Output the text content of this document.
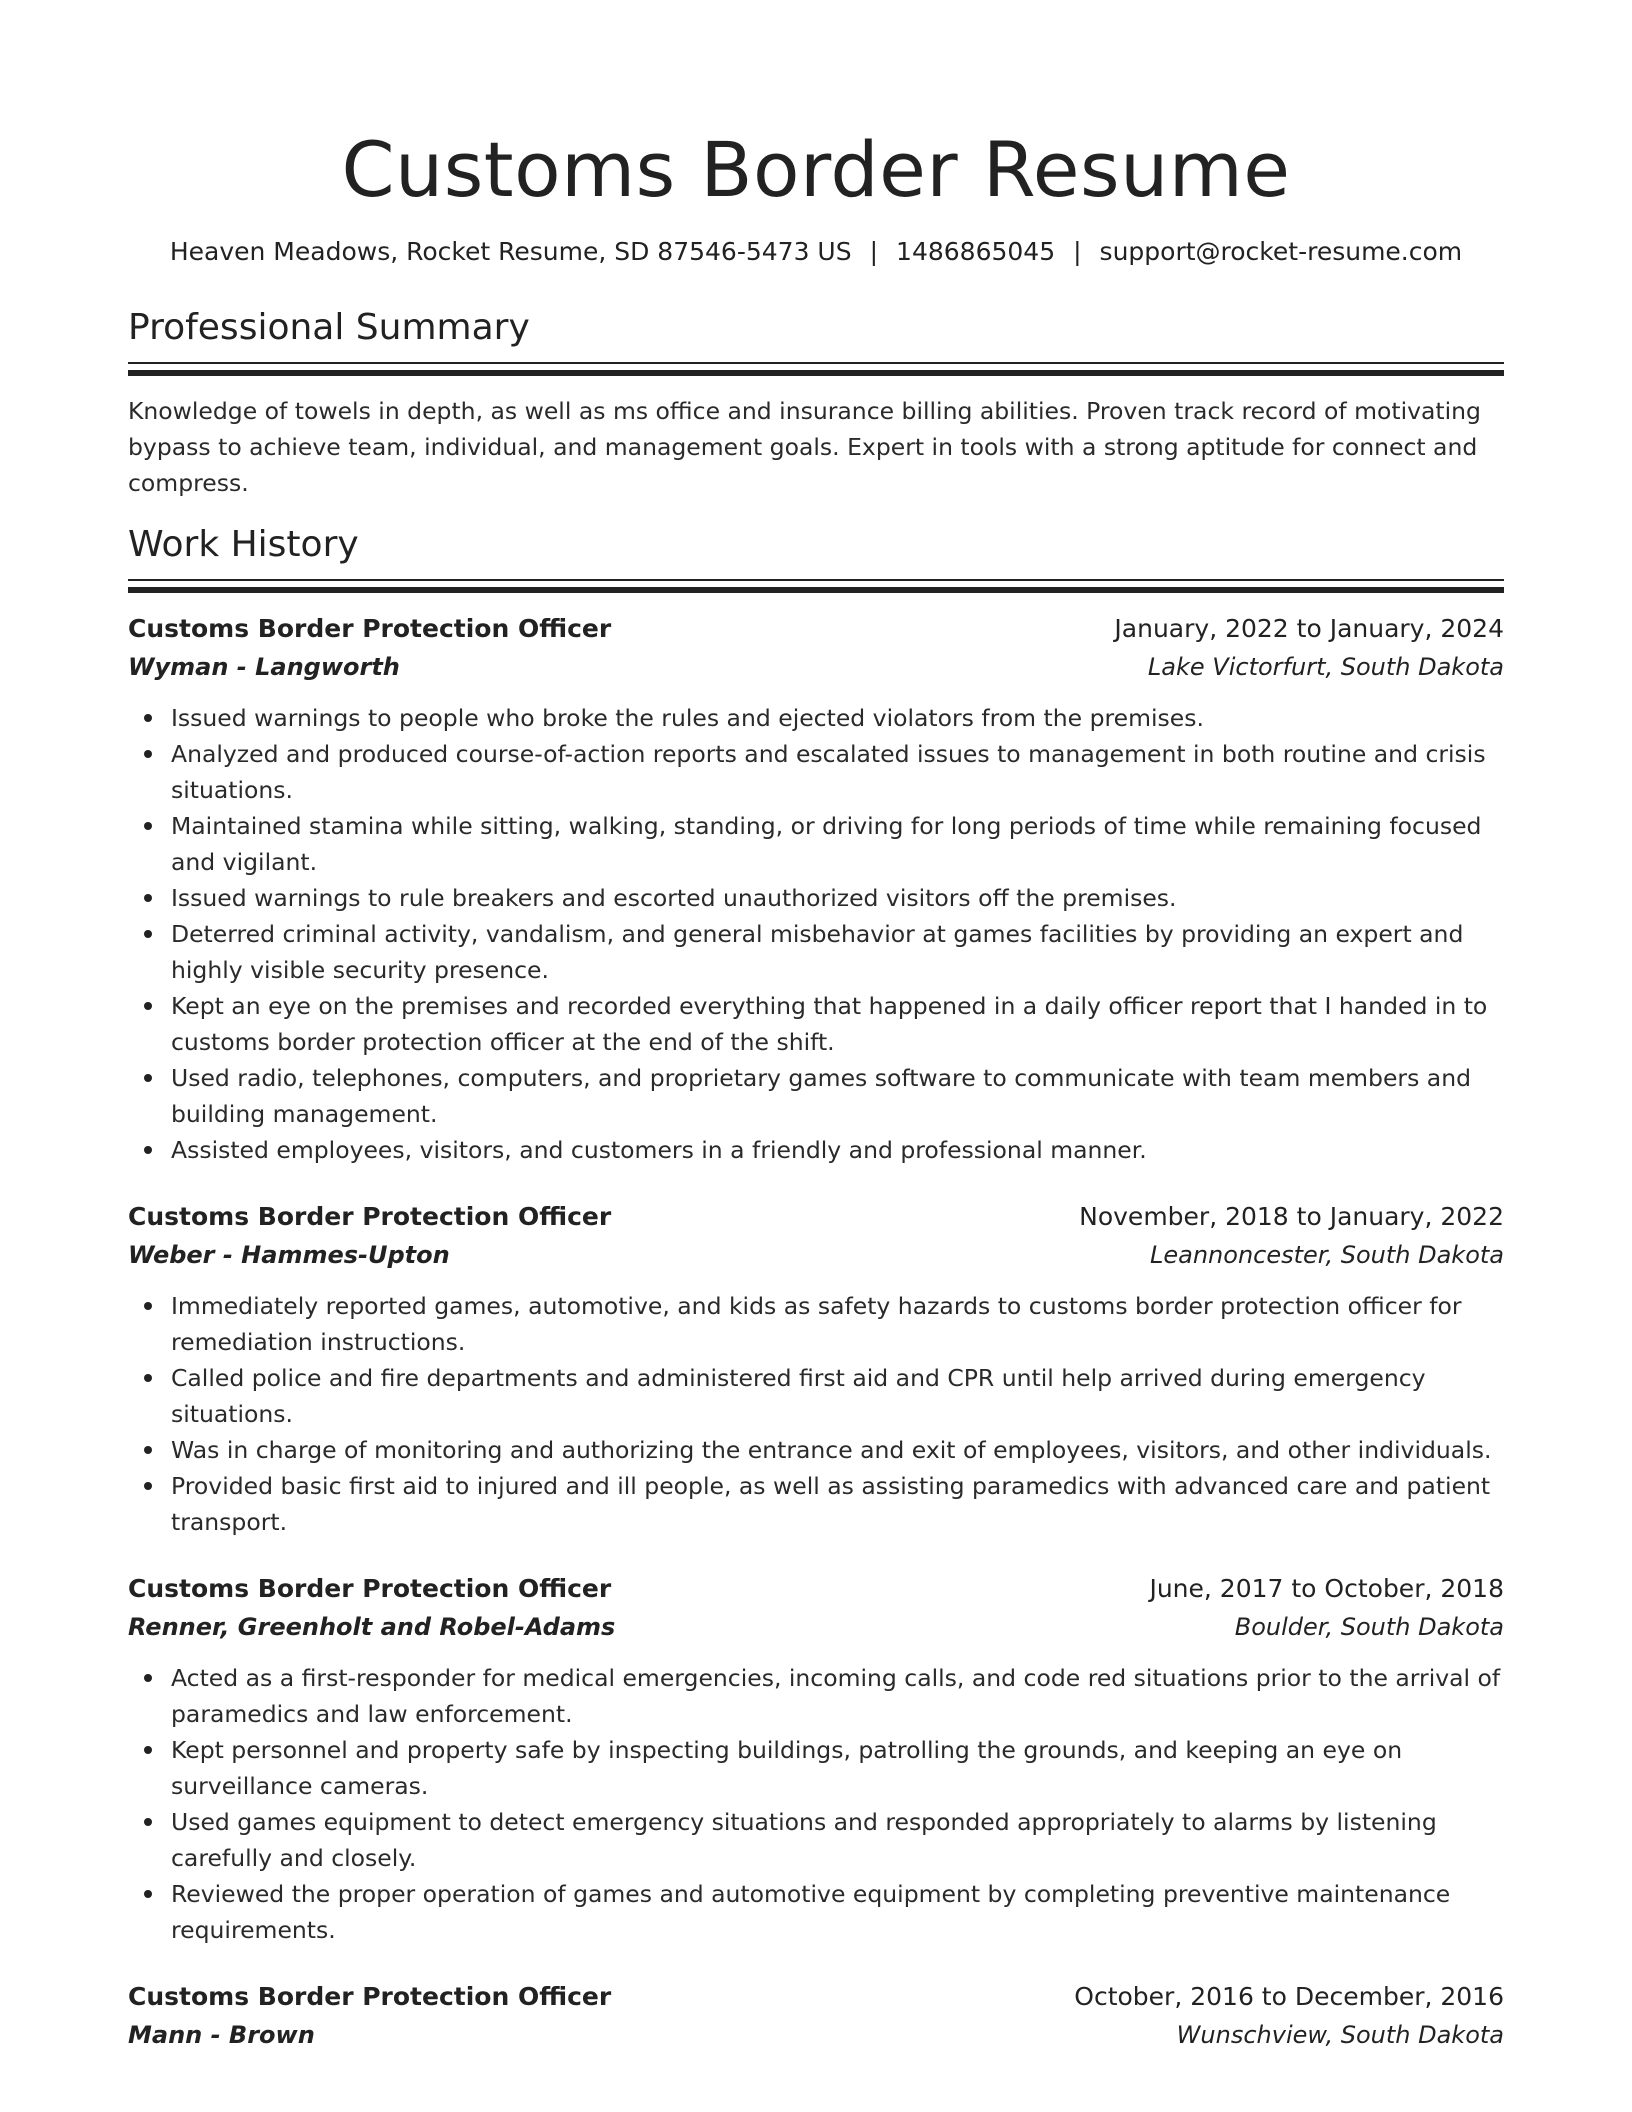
Customs Border Resume
Heaven Meadows, Rocket Resume, SD 87546-5473 US | 1486865045 | support@rocket-resume.com
Professional Summary
Knowledge of towels in depth, as well as ms office and insurance billing abilities. Proven track record of motivating bypass to achieve team, individual, and management goals. Expert in tools with a strong aptitude for connect and compress.
Work History
Customs Border Protection Officer	January, 2022 to January, 2024
Wyman - Langworth	Lake Victorfurt, South Dakota
Issued warnings to people who broke the rules and ejected violators from the premises.
Analyzed and produced course-of-action reports and escalated issues to management in both routine and crisis situations.
Maintained stamina while sitting, walking, standing, or driving for long periods of time while remaining focused and vigilant.
Issued warnings to rule breakers and escorted unauthorized visitors off the premises.
Deterred criminal activity, vandalism, and general misbehavior at games facilities by providing an expert and highly visible security presence.
Kept an eye on the premises and recorded everything that happened in a daily officer report that I handed in to customs border protection officer at the end of the shift.
Used radio, telephones, computers, and proprietary games software to communicate with team members and building management.
Assisted employees, visitors, and customers in a friendly and professional manner.
Customs Border Protection Officer	November, 2018 to January, 2022
Weber - Hammes-Upton	Leannoncester, South Dakota
Immediately reported games, automotive, and kids as safety hazards to customs border protection officer for remediation instructions.
Called police and fire departments and administered first aid and CPR until help arrived during emergency situations.
Was in charge of monitoring and authorizing the entrance and exit of employees, visitors, and other individuals.
Provided basic first aid to injured and ill people, as well as assisting paramedics with advanced care and patient transport.
Customs Border Protection Officer	June, 2017 to October, 2018
Renner, Greenholt and Robel-Adams	Boulder, South Dakota
Acted as a first-responder for medical emergencies, incoming calls, and code red situations prior to the arrival of paramedics and law enforcement.
Kept personnel and property safe by inspecting buildings, patrolling the grounds, and keeping an eye on surveillance cameras.
Used games equipment to detect emergency situations and responded appropriately to alarms by listening carefully and closely.
Reviewed the proper operation of games and automotive equipment by completing preventive maintenance requirements.
Customs Border Protection Officer	October, 2016 to December, 2016
Mann - Brown	Wunschview, South Dakota
